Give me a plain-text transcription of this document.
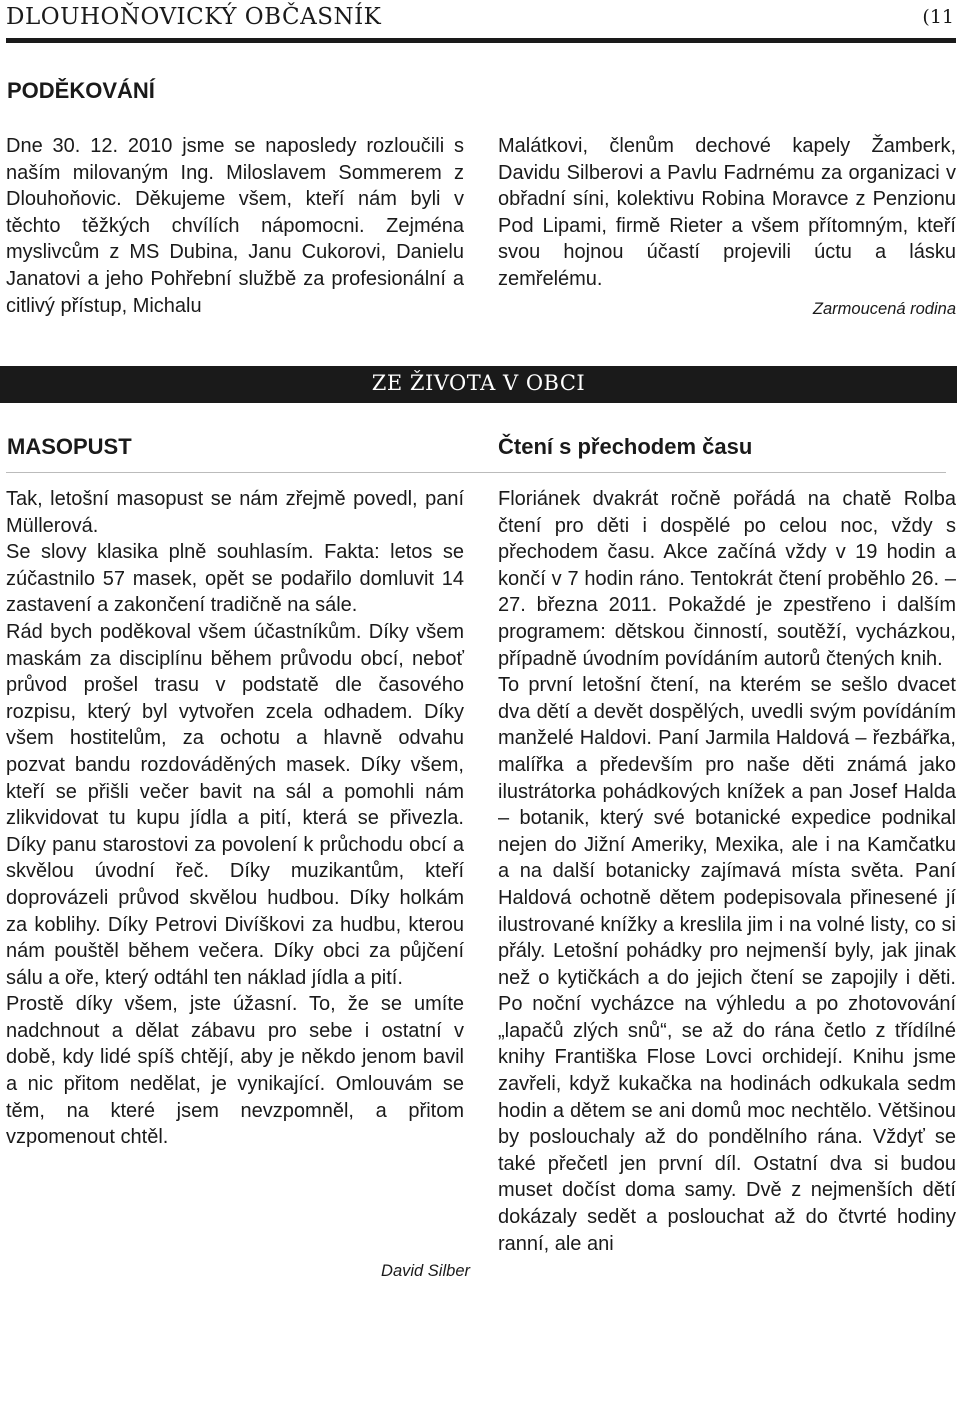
DLOUHOŇOVICKÝ OBČASNÍK	(11
PODĚKOVÁNÍ

Dne 30. 12. 2010 jsme se naposledy rozloučili s naším milovaným Ing. Miloslavem Sommerem z Dlouhoňovic. Děkujeme všem, kteří nám byli v těchto těžkých chvílích nápomocni. Zejména myslivcům z MS Dubina, Janu Cukorovi, Danielu Janatovi a jeho Pohřební službě za profesionální a citlivý přístup, Michalu

Malátkovi, členům dechové kapely Žamberk, Davidu Silberovi a Pavlu Fadrnému za organizaci v obřadní síni, kolektivu Robina Moravce z Penzionu Pod Lipami, firmě Rieter a všem přítomným, kteří svou hojnou účastí projevili úctu a lásku zemřelému.

Zarmoucená rodina
ZE ŽIVOTA V OBCI
MASOPUST	Čtení s přechodem času

Tak, letošní masopust se nám zřejmě povedl, paní Müllerová.

Se slovy klasika plně souhlasím. Fakta: letos se zúčastnilo 57 masek, opět se podařilo domluvit 14 zastavení a zakončení tradičně na sále.

Rád bych poděkoval všem účastníkům. Díky všem maskám za disciplínu během průvodu obcí, neboť průvod prošel trasu v podstatě dle časového rozpisu, který byl vytvořen zcela odhadem. Díky všem hostitelům, za ochotu a hlavně odvahu pozvat bandu rozdováděných masek. Díky všem, kteří se přišli večer bavit na sál a pomohli nám zlikvidovat tu kupu jídla a pití, která se přivezla. Díky panu starostovi za povolení k průchodu obcí a skvělou úvodní řeč. Díky muzikantům, kteří doprovázeli průvod skvělou hudbou. Díky holkám za koblihy. Díky Petrovi Divíškovi za hudbu, kterou nám pouštěl během večera. Díky obci za půjčení sálu a oře, který odtáhl ten náklad jídla a pití.

Prostě díky všem, jste úžasní. To, že se umíte nadchnout a dělat zábavu pro sebe i ostatní v době, kdy lidé spíš chtějí, aby je někdo jenom bavil a nic přitom nedělat, je vynikající. Omlouvám se těm, na které jsem nevzpomněl, a přitom vzpomenout chtěl.

David Silber

Floriánek dvakrát ročně pořádá na chatě Rolba čtení pro děti i dospělé po celou noc, vždy s přechodem času. Akce začíná vždy v 19 hodin a končí v 7 hodin ráno. Tentokrát čtení proběhlo 26. – 27. března 2011. Pokaždé je zpestřeno i dalším programem: dětskou činností, soutěží, vycházkou, případně úvodním povídáním autorů čtených knih.

To první letošní čtení, na kterém se sešlo dvacet dva dětí a devět dospělých, uvedli svým povídáním manželé Haldovi. Paní Jarmila Haldová – řezbářka, malířka a především pro naše děti známá jako ilustrátorka pohádkových knížek a pan Josef Halda – botanik, který své botanické expedice podnikal nejen do Jižní Ameriky, Mexika, ale i na Kamčatku a na další botanicky zajímavá místa světa. Paní Haldová ochotně dětem podepisovala přinesené jí ilustrované knížky a kreslila jim i na volné listy, co si přály. Letošní pohádky pro nejmenší byly, jak jinak než o kytičkách a do jejich čtení se zapojily i děti. Po noční vycházce na výhledu a po zhotovování „lapačů zlých snů“, se až do rána četlo z třídílné knihy Františka Flose Lovci orchidejí. Knihu jsme zavřeli, když kukačka na hodinách odkukala sedm hodin a dětem se ani domů moc nechtělo. Většinou by poslouchaly až do pondělního rána. Vždyť se také přečetl jen první díl. Ostatní dva si budou muset dočíst doma samy. Dvě z nejmenších dětí dokázaly sedět a poslouchat až do čtvrté hodiny ranní, ale ani
